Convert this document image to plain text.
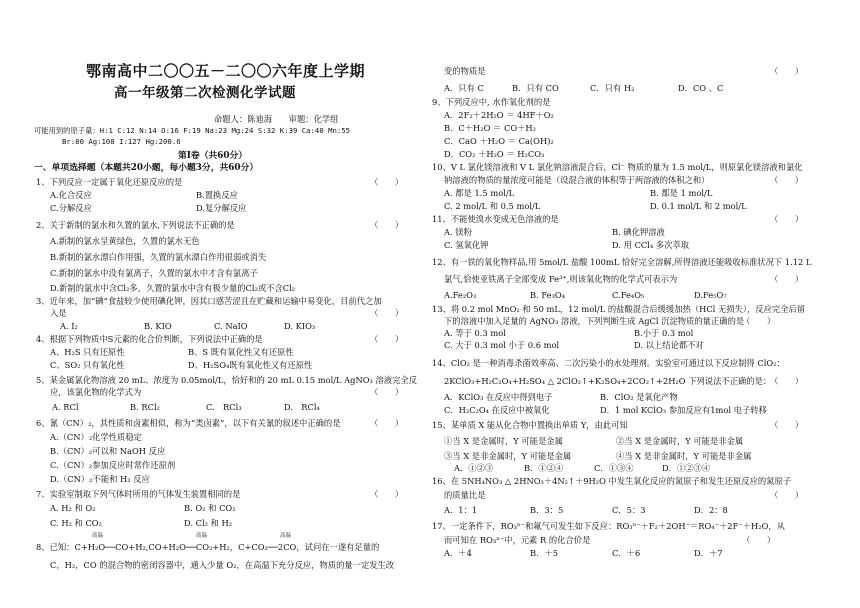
鄂南高中二〇〇五－二〇〇六年度上学期
高一年级第二次检测化学试题
命题人：陈迪海　　审题：化学组
可能用到的原子量：H:1 C:12 N:14 O:16 F:19 Na:23 Mg:24 S:32 K:39 Ca:40 Mn:55
Br:80 Ag:108 I:127 Hg:200.6
第Ⅰ卷（共60分）
一、单项选择题（本题共20小题，每小题3分，共60分）
1、下列反应一定属于氧化还原反应的是	（　　）
A.化合反应	B.置换反应
C.分解反应	D.复分解反应
2、关于新制的氯水和久置的氯水,下列说法不正确的是	（　　）
A.新制的氯水呈黄绿色，久置的氯水无色
B.新制的氯水漂白作用强，久置的氯水漂白作用很弱或消失
C.新制的氯水中没有氯离子，久置的氯水中才含有氯离子
D.新制的氯水中含Cl₂多，久置的氯水中含有极少量的Cl₂或不含Cl₂
3、近年来，加“碘”食盐较少使用碘化钾，因其口感苦涩且在贮藏和运输中易变化，目前代之加
入是	（　　）
A. I₂	B. KIO	C. NaIO	D. KIO₃
4、根据下列物质中S元素的化合价判断，下列说法中正确的是	（　　）
A、H₂S 只有还原性	B、S 既有氧化性又有还原性
C、SO₂ 只有氧化性	D、H₂SO₄既有氧化性又有还原性
5、某金属氯化物溶液 20 mL、浓度为 0.05mol/L，恰好和的 20 mL 0.15 mol/L AgNO₃ 溶液完全反
应，该氯化物的化学式为	（　　）
A. RCl	B. RCl₂	C.　RCl₃	D.　RCl₄
6、氰（CN）₂，其性质和卤素相似，称为“类卤素”，以下有关氰的叙述中正确的是	（　　）
A.（CN）₂化学性质稳定
B.（CN）₂可以和 NaOH 反应
C.（CN）₂参加反应时常作还原剂
D.（CN）₂不能和 H₂ 反应
7、实验室制取下列气体时所用的气体发生装置相同的是	（　　）
A. H₂ 和 O₂	B. O₂ 和 CO₂
C. H₂ 和 CO₂	D. Cl₂ 和 H₂
高温	高温	高温
8、已知：C+H₂O──CO+H₂,CO+H₂O──CO₂+H₂，C+CO₂──2CO，试问在一遂有足量的
C，H₂，CO 的混合物的密闭容器中，通入少量 O₂，在高温下充分反应，物质的量一定发生改
变的物质是	（　　）
A．只有 C	B．只有 CO	C．只有 H₂	D．CO 、C
9、下列反应中, 水作氧化剂的是
A．2F₂＋2H₂O ＝ 4HF＋O₂
B．C＋H₂O ＝ CO＋H₂
C．CaO ＋H₂O ＝ Ca(OH)₂
D．CO₂ ＋H₂O ＝ H₂CO₃
10、V L 氯化镁溶液和 V L 氯化钠溶液混合后，Cl⁻ 物质的量为 1.5 mol/L，则原氯化镁溶液和氯化
钠溶液的物质的量浓度可能是（设混合液的体积等于两溶液的体积之和）	（　　）
A. 都是 1.5 mol/L	B. 都是 1 mol/L
C. 2 mol/L 和 0.5 mol/L	D. 0.1 mol/L 和 2 mol/L
11、不能使溴水变成无色溶液的是	（　　）
A. 镁粉	B. 碘化钾溶液
C. 氢氧化钾	D. 用 CCl₄ 多次萃取
12、有一铁的氧化物样品,用 5mol/L 盐酸 100mL 恰好完全溶解,所得溶液还能吸收标准状况下 1.12 L
氯气,恰使亚铁离子全部变成 Fe³⁺,则该氧化物的化学式可表示为	（　　）
A.Fe₂O₃	B. Fe₃O₄	C.Fe₄O₅	D.Fe₅O₇
13、将 0.2 mol MnO₂ 和 50 mL，12 mol/L 的盐酸混合后缓缓加热（HCl 无损失），反应完全后留
下的溶液中加入足量的 AgNO₃ 溶液，下列判断生成 AgCl 沉淀物质的量正确的是
（　　）
A. 等于 0.3 mol	B.小于 0.3 mol
C. 大于 0.3 mol 小于 0.6 mol	D. 以上结论都不对
14、ClO₂ 是一种消毒杀菌效率高、二次污染小的水处理剂。实验室可通过以下反应制得 ClO₂：
2KClO₃+H₂C₂O₄+H₂SO₄ △ 2ClO₂↑+K₂SO₄+2CO₂↑+2H₂O 下列说法不正确的是：
（　　）
A．KClO₃ 在反应中得到电子	B．ClO₂ 是氧化产物
C．H₂C₂O₄ 在反应中被氧化	D．1 mol KClO₃ 参加反应有1mol 电子转移
15、某单质 X 能从化合物中置换出单质 Y，由此可知	（　　）
①当 X 是金属时，Y 可能是金属	②当 X 是金属时，Y 可能是非金属
③当 X 是非金属时，Y 可能是金属	④当 X 是非金属时，Y 可能是非金属
A．①②③	B．①②④	C．①③④	D．①②③④
16、在 5NH₄NO₃ △ 2HNO₃＋4N₂↑＋9H₂O 中发生氧化反应的氮原子和发生还原反应的氮原子
的质量比是	（　　）
A．1：1	B．3：5	C．5：3	D．2：8
17、一定条件下，RO₃ⁿ⁻和氟气可发生如下反应：RO₃ⁿ⁻＋F₂＋2OH⁻＝RO₄⁻＋2F⁻＋H₂O，从
而可知在 RO₃ⁿ⁻中，元素 R 的化合价是	（　　）
A．＋4	B．＋5	C．＋6	D．＋7
